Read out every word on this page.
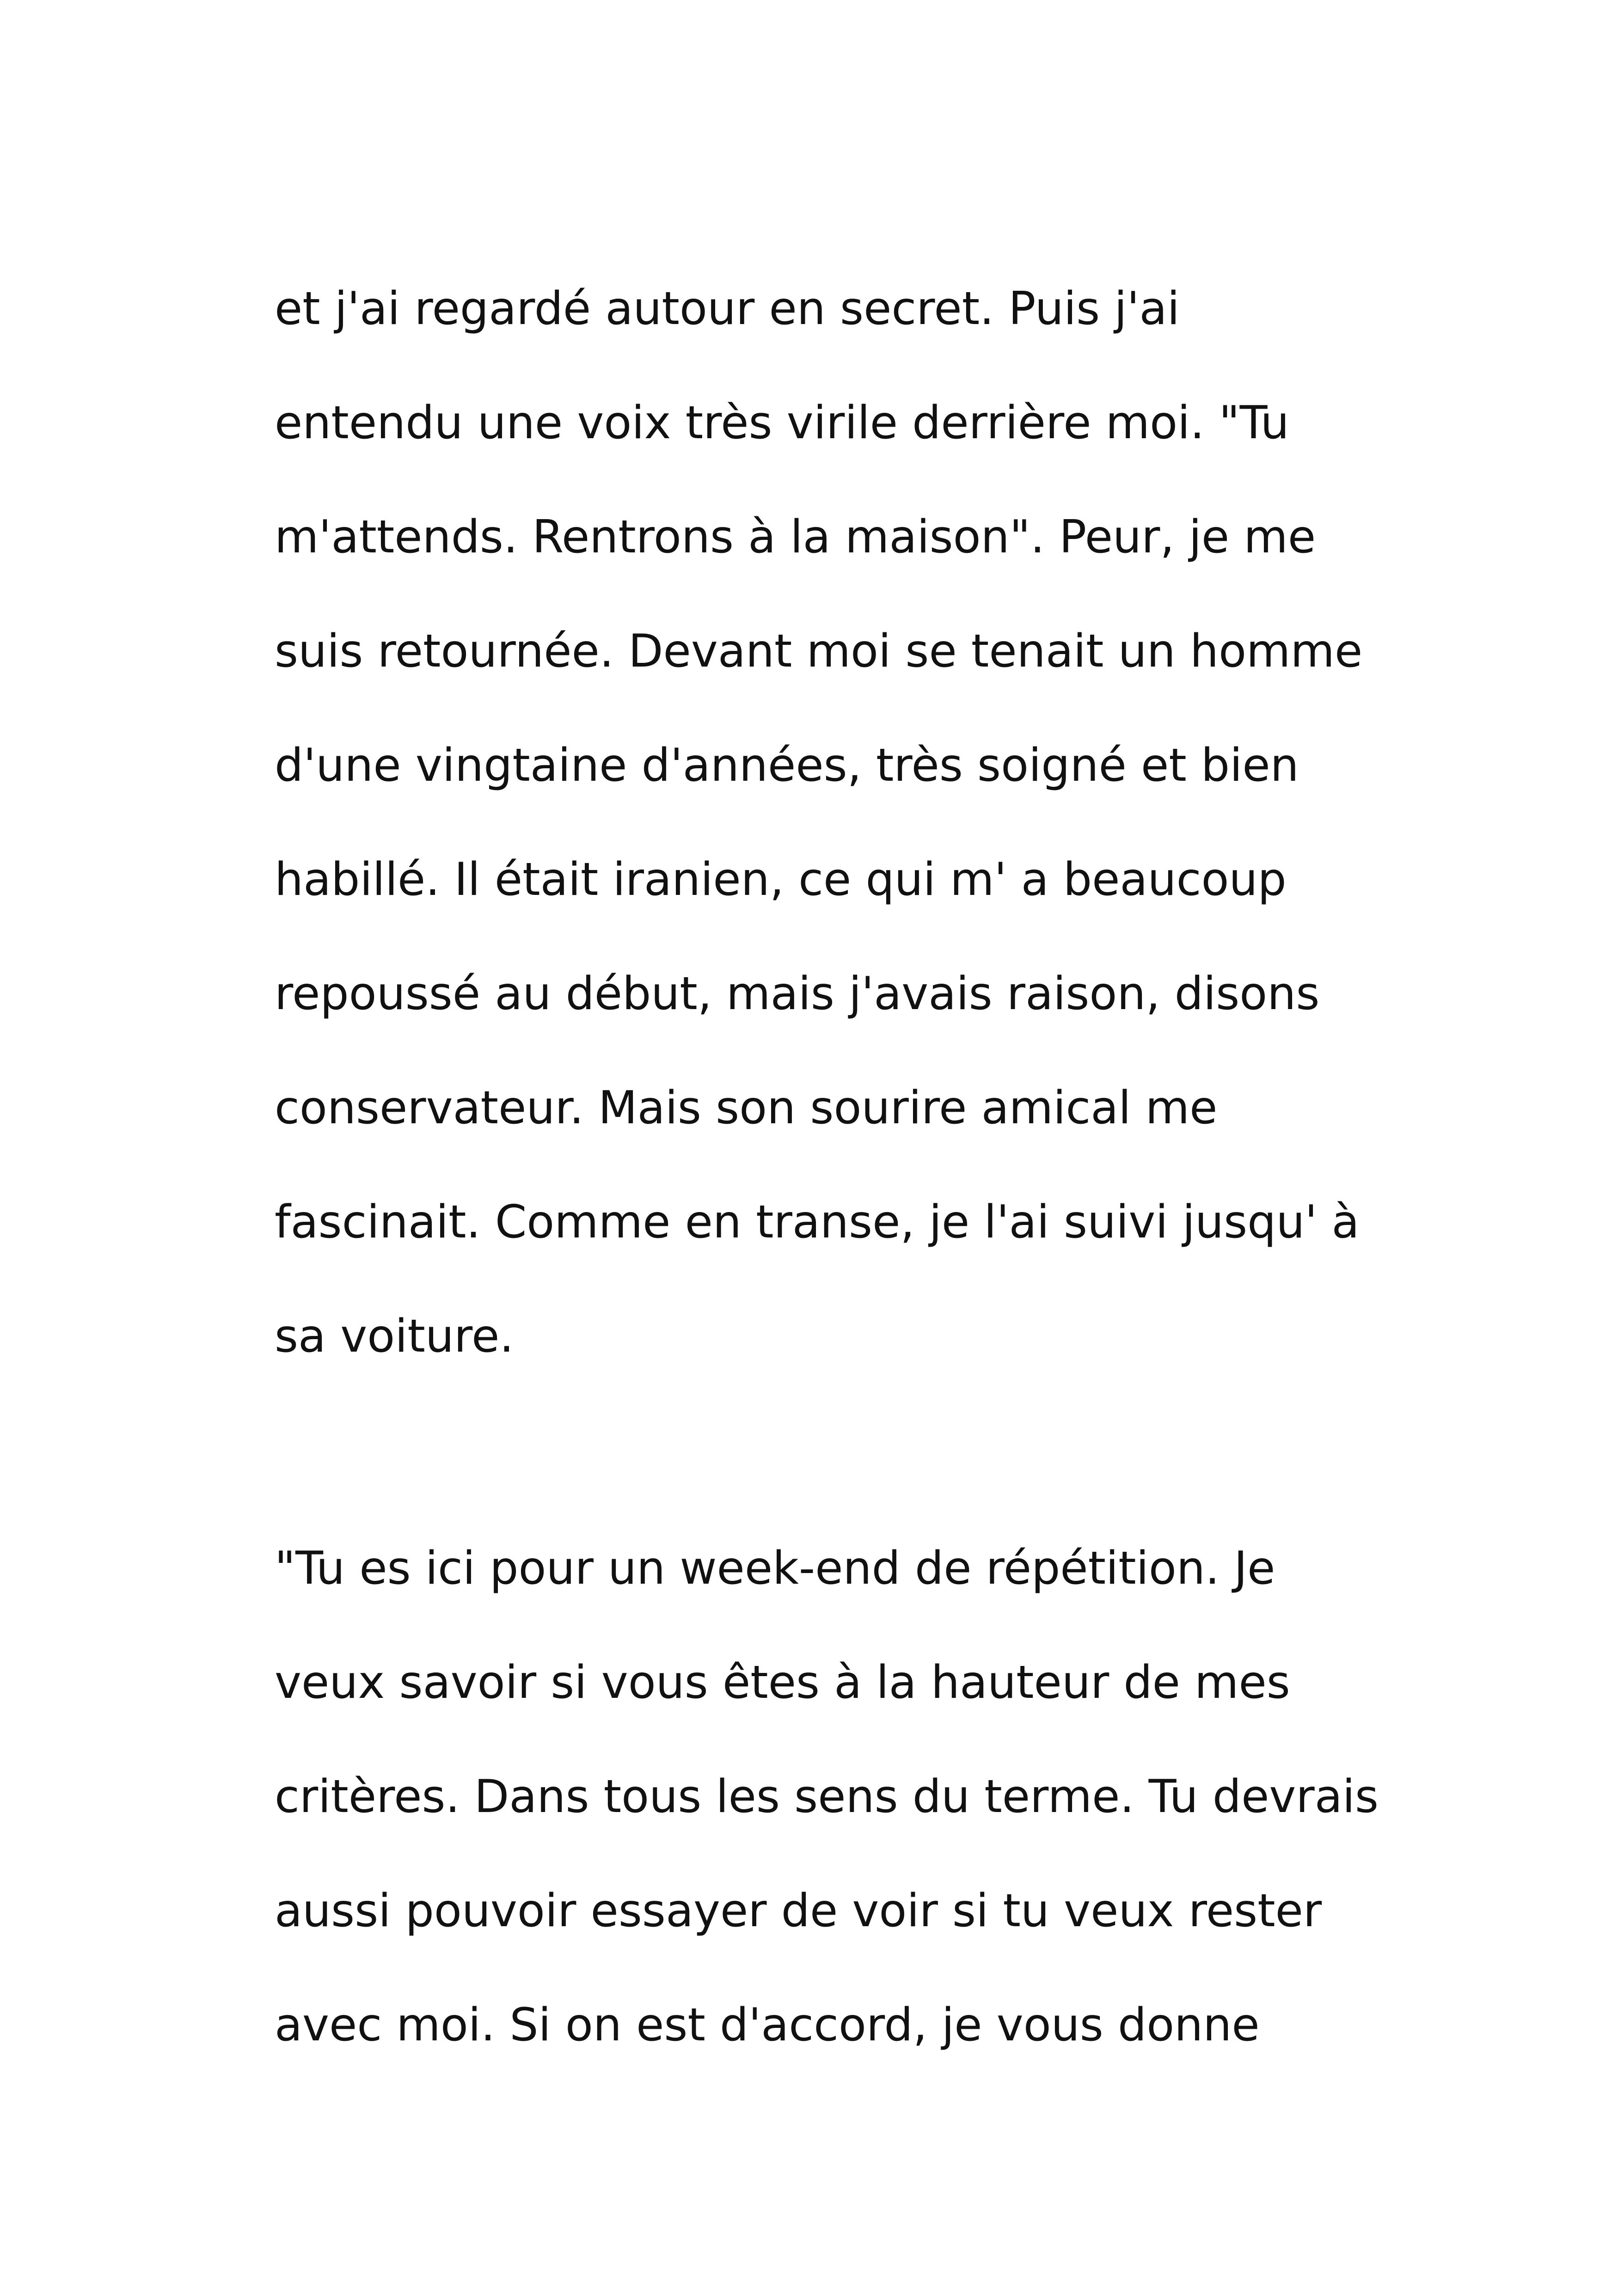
et j'ai regardé autour en secret. Puis j'ai
entendu une voix très virile derrière moi. "Tu
m'attends. Rentrons à la maison". Peur, je me
suis retournée. Devant moi se tenait un homme
d'une vingtaine d'années, très soigné et bien
habillé. Il était iranien, ce qui m' a beaucoup
repoussé au début, mais j'avais raison, disons
conservateur. Mais son sourire amical me
fascinait. Comme en transe, je l'ai suivi jusqu' à
sa voiture.
"Tu es ici pour un week-end de répétition. Je
veux savoir si vous êtes à la hauteur de mes
critères. Dans tous les sens du terme. Tu devrais
aussi pouvoir essayer de voir si tu veux rester
avec moi. Si on est d'accord, je vous donne
